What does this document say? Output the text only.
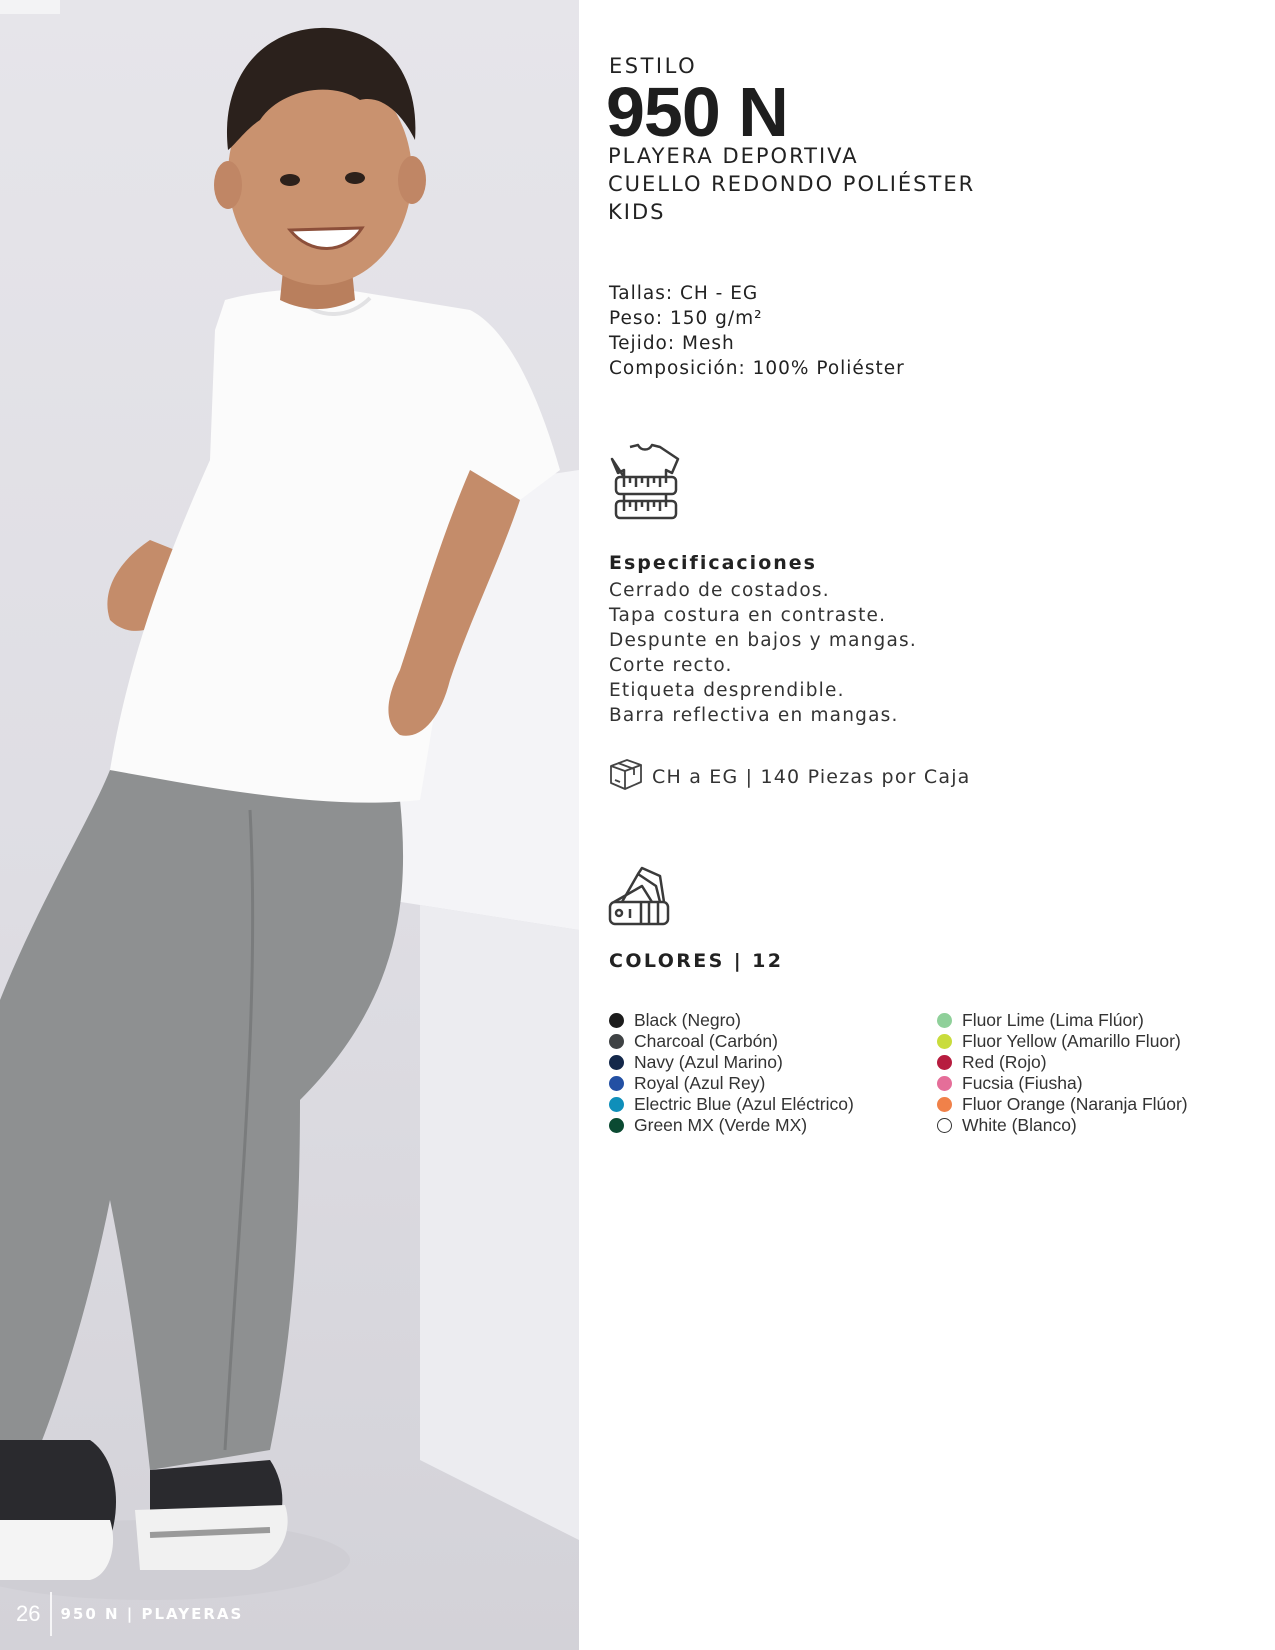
26	950 N | PLAYERAS
ESTILO
950 N
PLAYERA DEPORTIVA
CUELLO REDONDO POLIÉSTER
KIDS
Tallas: CH - EG
Peso: 150 g/m²
Tejido: Mesh
Composición: 100% Poliéster
Especificaciones
Cerrado de costados.
Tapa costura en contraste.
Despunte en bajos y mangas.
Corte recto.
Etiqueta desprendible.
Barra reflectiva en mangas.
CH a EG | 140 Piezas por Caja
COLORES | 12
Black (Negro)
Charcoal (Carbón)
Navy (Azul Marino)
Royal (Azul Rey)
Electric Blue (Azul Eléctrico)
Green MX (Verde MX)
Fluor Lime (Lima Flúor)
Fluor Yellow (Amarillo Fluor)
Red (Rojo)
Fucsia (Fiusha)
Fluor Orange (Naranja Flúor)
White (Blanco)
